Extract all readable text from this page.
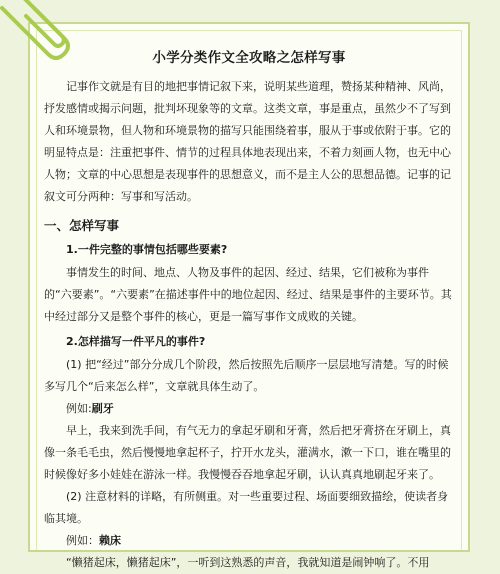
小学分类作文全攻略之怎样写事

记事作文就是有目的地把事情记叙下来，说明某些道理，赞扬某种精神、风尚，抒发感情或揭示问题，批判坏现象等的文章。这类文章，事是重点，虽然少不了写到人和环境景物，但人物和环境景物的描写只能围绕着事，服从于事或依附于事。它的明显特点是：注重把事件、情节的过程具体地表现出来，不着力刻画人物，也无中心人物；文章的中心思想是表现事件的思想意义，而不是主人公的思想品德。记事的记叙文可分两种：写事和写活动。

一、怎样写事
1.一件完整的事情包括哪些要素?

事情发生的时间、地点、人物及事件的起因、经过、结果，它们被称为事件的“六要素”。“六要素”在描述事件中的地位起因、经过、结果是事件的主要环节。其中经过部分又是整个事件的核心，更是一篇写事作文成败的关键。

2.怎样描写一件平凡的事件?

(1) 把“经过”部分分成几个阶段，然后按照先后顺序一层层地写清楚。写的时候多写几个“后来怎么样”，文章就具体生动了。

例如:刷牙

早上，我来到洗手间，有气无力的拿起牙刷和牙膏，然后把牙膏挤在牙刷上，真像一条毛毛虫，然后慢慢地拿起杯子，拧开水龙头，灌满水，漱一下口，谁在嘴里的时候像好多小娃娃在游泳一样。我慢慢吞吞地拿起牙刷，认认真真地刷起牙来了。

(2) 注意材料的详略，有所侧重。对一些重要过程、场面要细致描绘，使读者身临其境。

例如：赖床

“懒猪起床，懒猪起床”，一听到这熟悉的声音，我就知道是闹钟响了。不用
